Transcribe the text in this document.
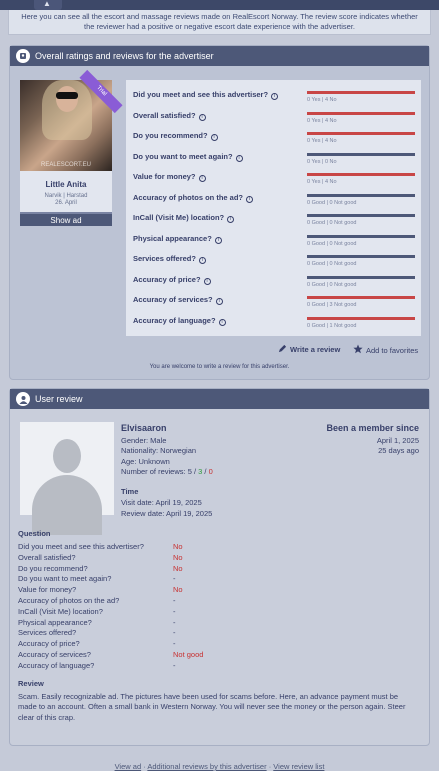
▲
Here you can see all the escort and massage reviews made on RealEscort Norway. The review score indicates whether the reviewer had a positive or negative escort date experience with the advertiser.
Overall ratings and reviews for the advertiser
Trial
REALESCORT.EU
Little Anita
Narvik | Harstad
26. April
Show ad
Did you meet and see this advertiser? i
0 Yes | 4 No
Overall satisfied? i
0 Yes | 4 No
Do you recommend? i
0 Yes | 4 No
Do you want to meet again? i
0 Yes | 0 No
Value for money? i
0 Yes | 4 No
Accuracy of photos on the ad? i
0 Good | 0 Not good
InCall (Visit Me) location? i
0 Good | 0 Not good
Physical appearance? i
0 Good | 0 Not good
Services offered? i
0 Good | 0 Not good
Accuracy of price? i
0 Good | 0 Not good
Accuracy of services? i
0 Good | 3 Not good
Accuracy of language? i
0 Good | 1 Not good
Write a review	Add to favorites
You are welcome to write a review for this advertiser.
User review
Elvisaaron
Gender: Male
Nationality: Norwegian
Age: Unknown
Number of reviews: 5 / 3 / 0
Time
Visit date: April 19, 2025
Review date: April 19, 2025
Been a member since
April 1, 2025
25 days ago
Question
Did you meet and see this advertiser?	No
Overall satisfied?	No
Do you recommend?	No
Do you want to meet again?	-
Value for money?	No
Accuracy of photos on the ad?	-
InCall (Visit Me) location?	-
Physical appearance?	-
Services offered?	-
Accuracy of price?	-
Accuracy of services?	Not good
Accuracy of language?	-
Review
Scam. Easily recognizable ad. The pictures have been used for scams before. Here, an advance payment must be made to an account. Often a small bank in Western Norway. You will never see the money or the person again. Steer clear of this crap.
View ad · Additional reviews by this advertiser · View review list
